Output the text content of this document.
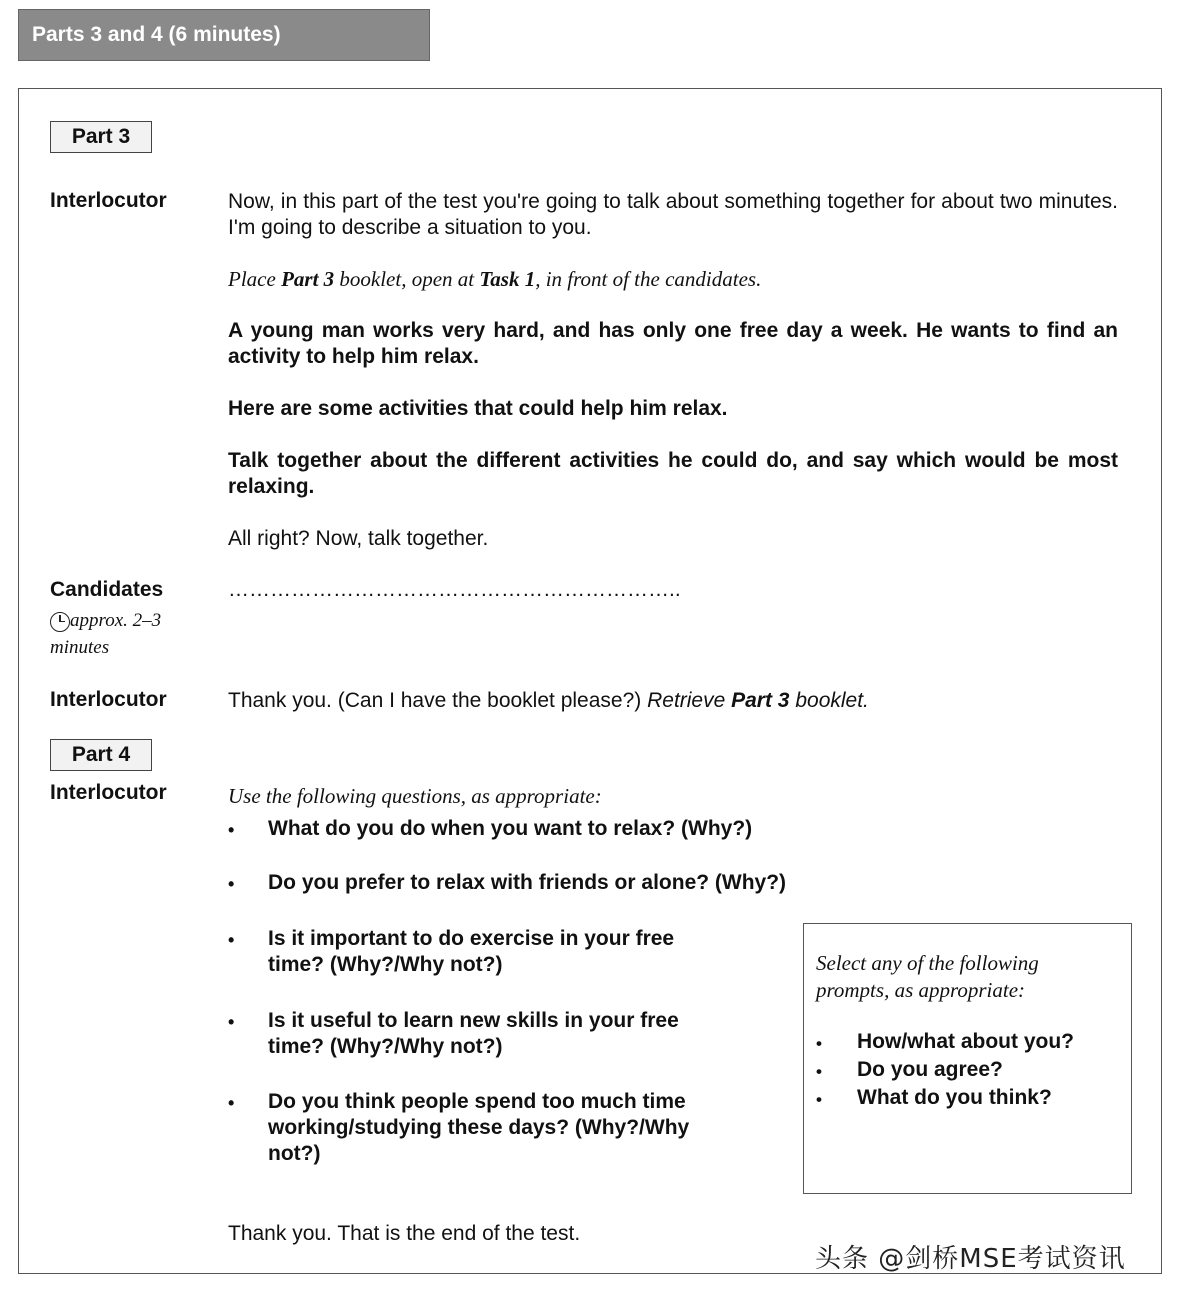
Parts 3 and 4 (6 minutes)
Part 3
Interlocutor	Now, in this part of the test you're going to talk about something together for about two minutes. I'm going to describe a situation to you.
Place Part 3 booklet, open at Task 1, in front of the candidates.
A young man works very hard, and has only one free day a week. He wants to find an activity to help him relax.
Here are some activities that could help him relax.
Talk together about the different activities he could do, and say which would be most relaxing.
All right? Now, talk together.
Candidates
approx. 2–3 minutes
………………………………………………………..
Interlocutor	Thank you. (Can I have the booklet please?) Retrieve Part 3 booklet.
Part 4
Interlocutor	Use the following questions, as appropriate:
• What do you do when you want to relax? (Why?)
• Do you prefer to relax with friends or alone? (Why?)
• Is it important to do exercise in your free time? (Why?/Why not?)
• Is it useful to learn new skills in your free time? (Why?/Why not?)
• Do you think people spend too much time working/studying these days? (Why?/Why not?)
Select any of the following prompts, as appropriate:
• How/what about you?
• Do you agree?
• What do you think?
Thank you. That is the end of the test.
头条 @剑桥MSE考试资讯
